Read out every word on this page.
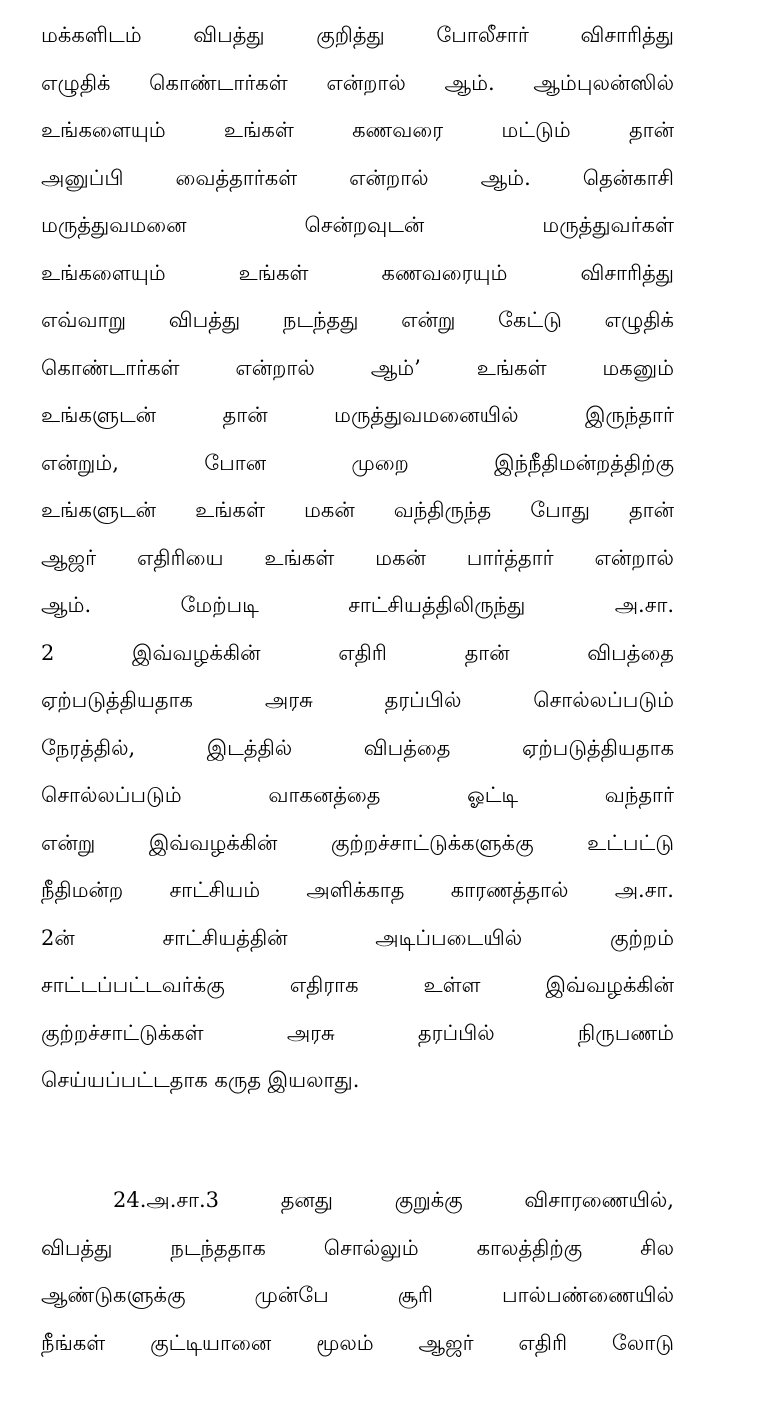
மக்களிடம் விபத்து குறித்து போலீசார் விசாரித்து
எழுதிக் கொண்டார்கள் என்றால் ஆம். ஆம்புலன்ஸில்
உங்களையும் உங்கள் கணவரை மட்டும் தான்
அனுப்பி வைத்தார்கள் என்றால் ஆம். தென்காசி
மருத்துவமனை சென்றவுடன் மருத்துவர்கள்
உங்களையும் உங்கள் கணவரையும் விசாரித்து
எவ்வாறு விபத்து நடந்தது என்று கேட்டு எழுதிக்
கொண்டார்கள் என்றால் ஆம்’ உங்கள் மகனும்
உங்களுடன் தான் மருத்துவமனையில் இருந்தார்
என்றும், போன முறை இந்நீதிமன்றத்திற்கு
உங்களுடன் உங்கள் மகன் வந்திருந்த போது தான்
ஆஜர் எதிரியை உங்கள் மகன் பார்த்தார் என்றால்
ஆம். மேற்படி சாட்சியத்திலிருந்து அ.சா.
2 இவ்வழக்கின் எதிரி தான் விபத்தை
ஏற்படுத்தியதாக அரசு தரப்பில் சொல்லப்படும்
நேரத்தில், இடத்தில் விபத்தை ஏற்படுத்தியதாக
சொல்லப்படும் வாகனத்தை ஓட்டி வந்தார்
என்று இவ்வழக்கின் குற்றச்சாட்டுக்களுக்கு உட்பட்டு
நீதிமன்ற சாட்சியம் அளிக்காத காரணத்தால் அ.சா.
2ன் சாட்சியத்தின் அடிப்படையில் குற்றம்
சாட்டப்பட்டவர்க்கு எதிராக உள்ள இவ்வழக்கின்
குற்றச்சாட்டுக்கள் அரசு தரப்பில் நிருபணம்
செய்யப்பட்டதாக கருத இயலாது.
24.அ.சா.3 தனது குறுக்கு விசாரணையில்,
விபத்து நடந்ததாக சொல்லும் காலத்திற்கு சில
ஆண்டுகளுக்கு முன்பே சூரி பால்பண்ணையில்
நீங்கள் குட்டியானை மூலம் ஆஜர் எதிரி லோடு
